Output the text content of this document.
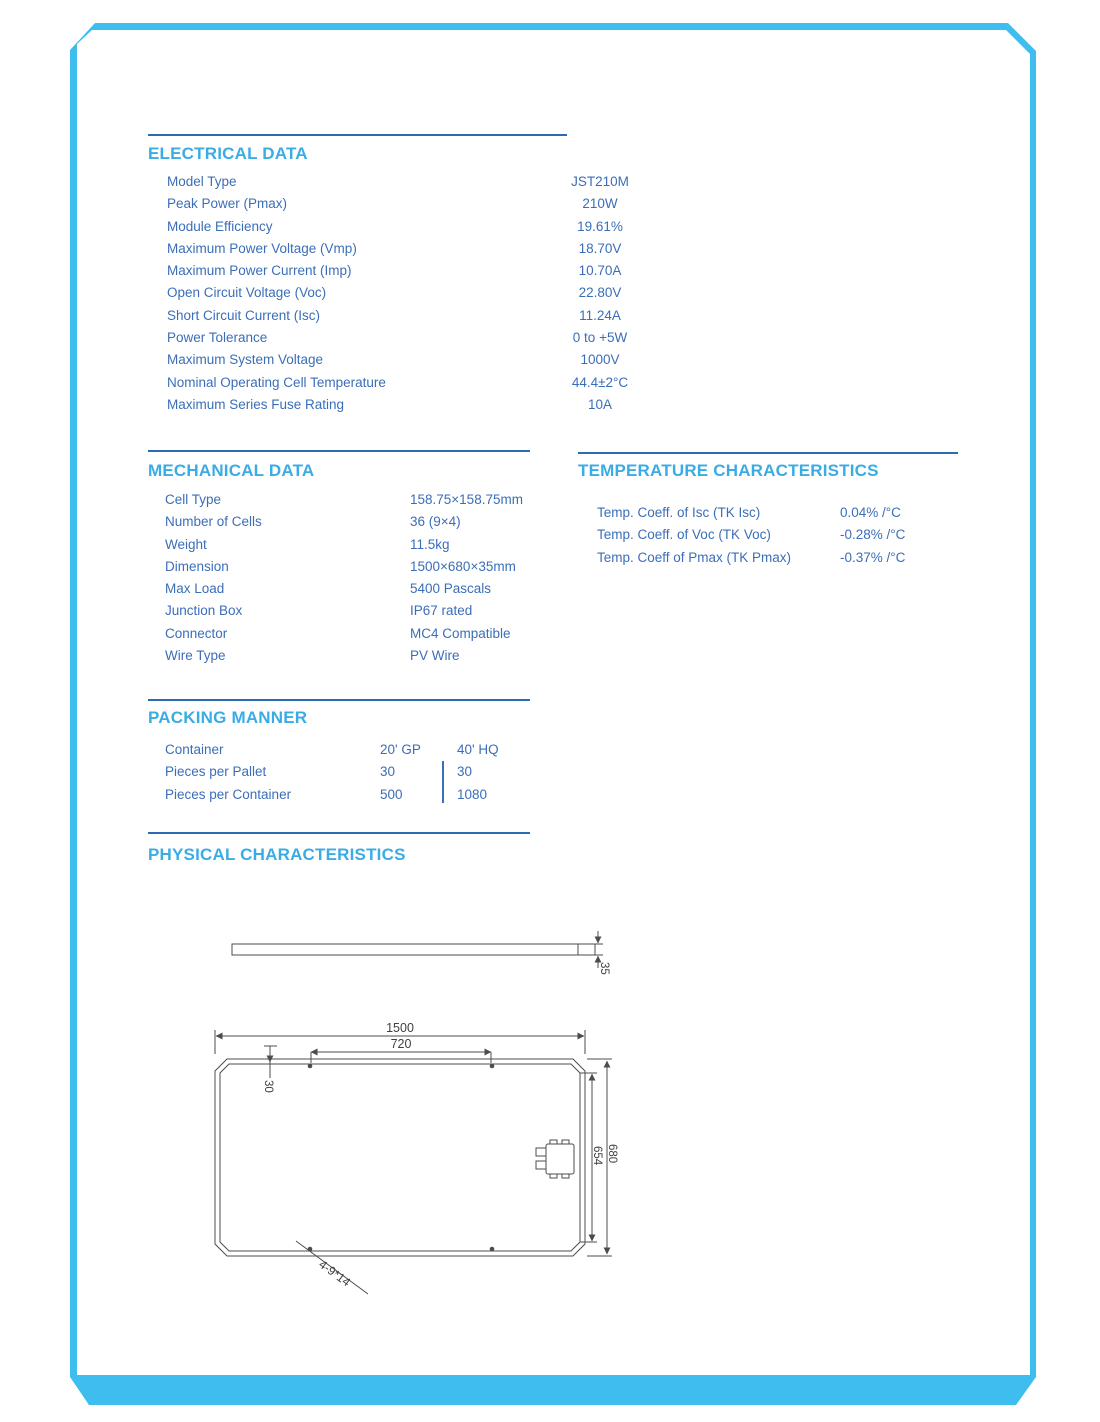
35
1500
720
30
654 680
4-9*14
ELECTRICAL DATA
Model Type	JST210M
Peak Power (Pmax)	210W
Module Efficiency	19.61%
Maximum Power Voltage (Vmp)	18.70V
Maximum Power Current (Imp)	10.70A
Open Circuit Voltage (Voc)	22.80V
Short Circuit Current (Isc)	11.24A
Power Tolerance	0 to +5W
Maximum System Voltage	1000V
Nominal Operating Cell Temperature	44.4±2°C
Maximum Series Fuse Rating	10A
MECHANICAL DATA
Cell Type	158.75×158.75mm
Number of Cells	36 (9×4)
Weight	11.5kg
Dimension	1500×680×35mm
Max Load	5400 Pascals
Junction Box	IP67 rated
Connector	MC4 Compatible
Wire Type	PV Wire
TEMPERATURE CHARACTERISTICS
Temp. Coeff. of Isc (TK Isc)	0.04% /°C
Temp. Coeff. of Voc (TK Voc)	-0.28% /°C
Temp. Coeff of Pmax (TK Pmax)	-0.37% /°C
PACKING MANNER
Container	20' GP	40' HQ
Pieces per Pallet	30	30
Pieces per Container	500	1080
PHYSICAL CHARACTERISTICS
